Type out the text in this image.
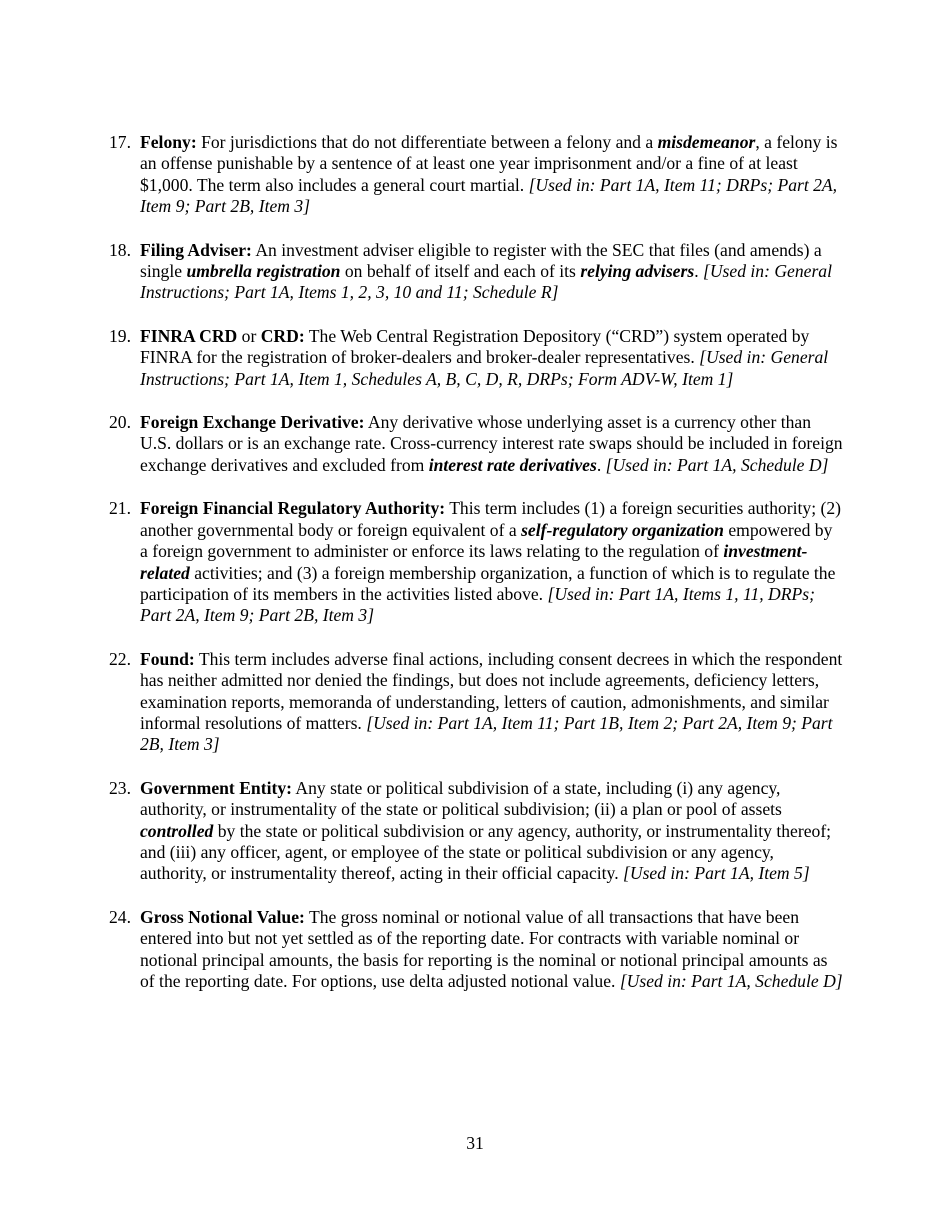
17. Felony: For jurisdictions that do not differentiate between a felony and a misdemeanor, a felony is an offense punishable by a sentence of at least one year imprisonment and/or a fine of at least $1,000. The term also includes a general court martial. [Used in: Part 1A, Item 11; DRPs; Part 2A, Item 9; Part 2B, Item 3]
18. Filing Adviser: An investment adviser eligible to register with the SEC that files (and amends) a single umbrella registration on behalf of itself and each of its relying advisers. [Used in: General Instructions; Part 1A, Items 1, 2, 3, 10 and 11; Schedule R]
19. FINRA CRD or CRD: The Web Central Registration Depository (“CRD”) system operated by FINRA for the registration of broker-dealers and broker-dealer representatives. [Used in: General Instructions; Part 1A, Item 1, Schedules A, B, C, D, R, DRPs; Form ADV-W, Item 1]
20. Foreign Exchange Derivative: Any derivative whose underlying asset is a currency other than U.S. dollars or is an exchange rate. Cross-currency interest rate swaps should be included in foreign exchange derivatives and excluded from interest rate derivatives. [Used in: Part 1A, Schedule D]
21. Foreign Financial Regulatory Authority: This term includes (1) a foreign securities authority; (2) another governmental body or foreign equivalent of a self-regulatory organization empowered by a foreign government to administer or enforce its laws relating to the regulation of investment-related activities; and (3) a foreign membership organization, a function of which is to regulate the participation of its members in the activities listed above. [Used in: Part 1A, Items 1, 11, DRPs; Part 2A, Item 9; Part 2B, Item 3]
22. Found: This term includes adverse final actions, including consent decrees in which the respondent has neither admitted nor denied the findings, but does not include agreements, deficiency letters, examination reports, memoranda of understanding, letters of caution, admonishments, and similar informal resolutions of matters. [Used in: Part 1A, Item 11; Part 1B, Item 2; Part 2A, Item 9; Part 2B, Item 3]
23. Government Entity: Any state or political subdivision of a state, including (i) any agency, authority, or instrumentality of the state or political subdivision; (ii) a plan or pool of assets controlled by the state or political subdivision or any agency, authority, or instrumentality thereof; and (iii) any officer, agent, or employee of the state or political subdivision or any agency, authority, or instrumentality thereof, acting in their official capacity. [Used in: Part 1A, Item 5]
24. Gross Notional Value: The gross nominal or notional value of all transactions that have been entered into but not yet settled as of the reporting date. For contracts with variable nominal or notional principal amounts, the basis for reporting is the nominal or notional principal amounts as of the reporting date. For options, use delta adjusted notional value. [Used in: Part 1A, Schedule D]
31
